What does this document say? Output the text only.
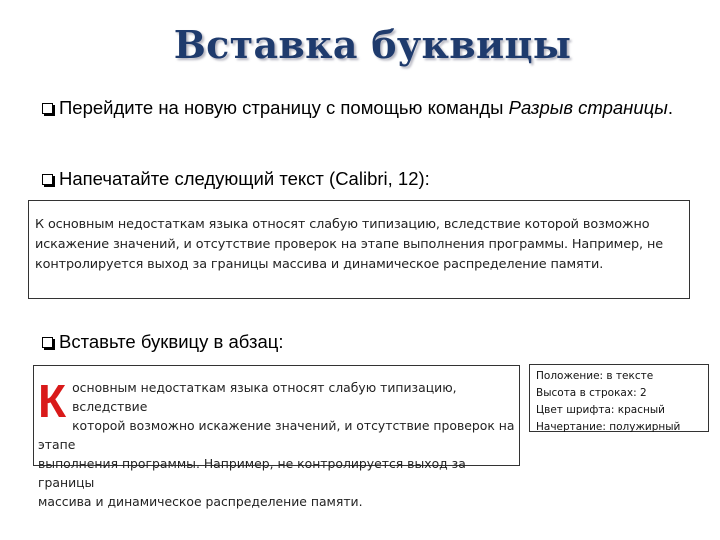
Вставка буквицы
Перейдите на новую страницу с помощью команды Разрыв страницы.
Напечатайте следующий текст (Calibri, 12):
К основным недостаткам языка относят слабую типизацию, вследствие которой возможно
искажение значений, и отсутствие проверок на этапе выполнения программы. Например, не
контролируется выход за границы массива и динамическое распределение памяти.
Вставьте буквицу в абзац:
К основным недостаткам языка относят слабую типизацию, вследствие
которой возможно искажение значений, и отсутствие проверок на этапе
выполнения программы. Например, не контролируется выход за границы
массива и динамическое распределение памяти.
Положение: в тексте
Высота в строках: 2
Цвет шрифта: красный
Начертание: полужирный
